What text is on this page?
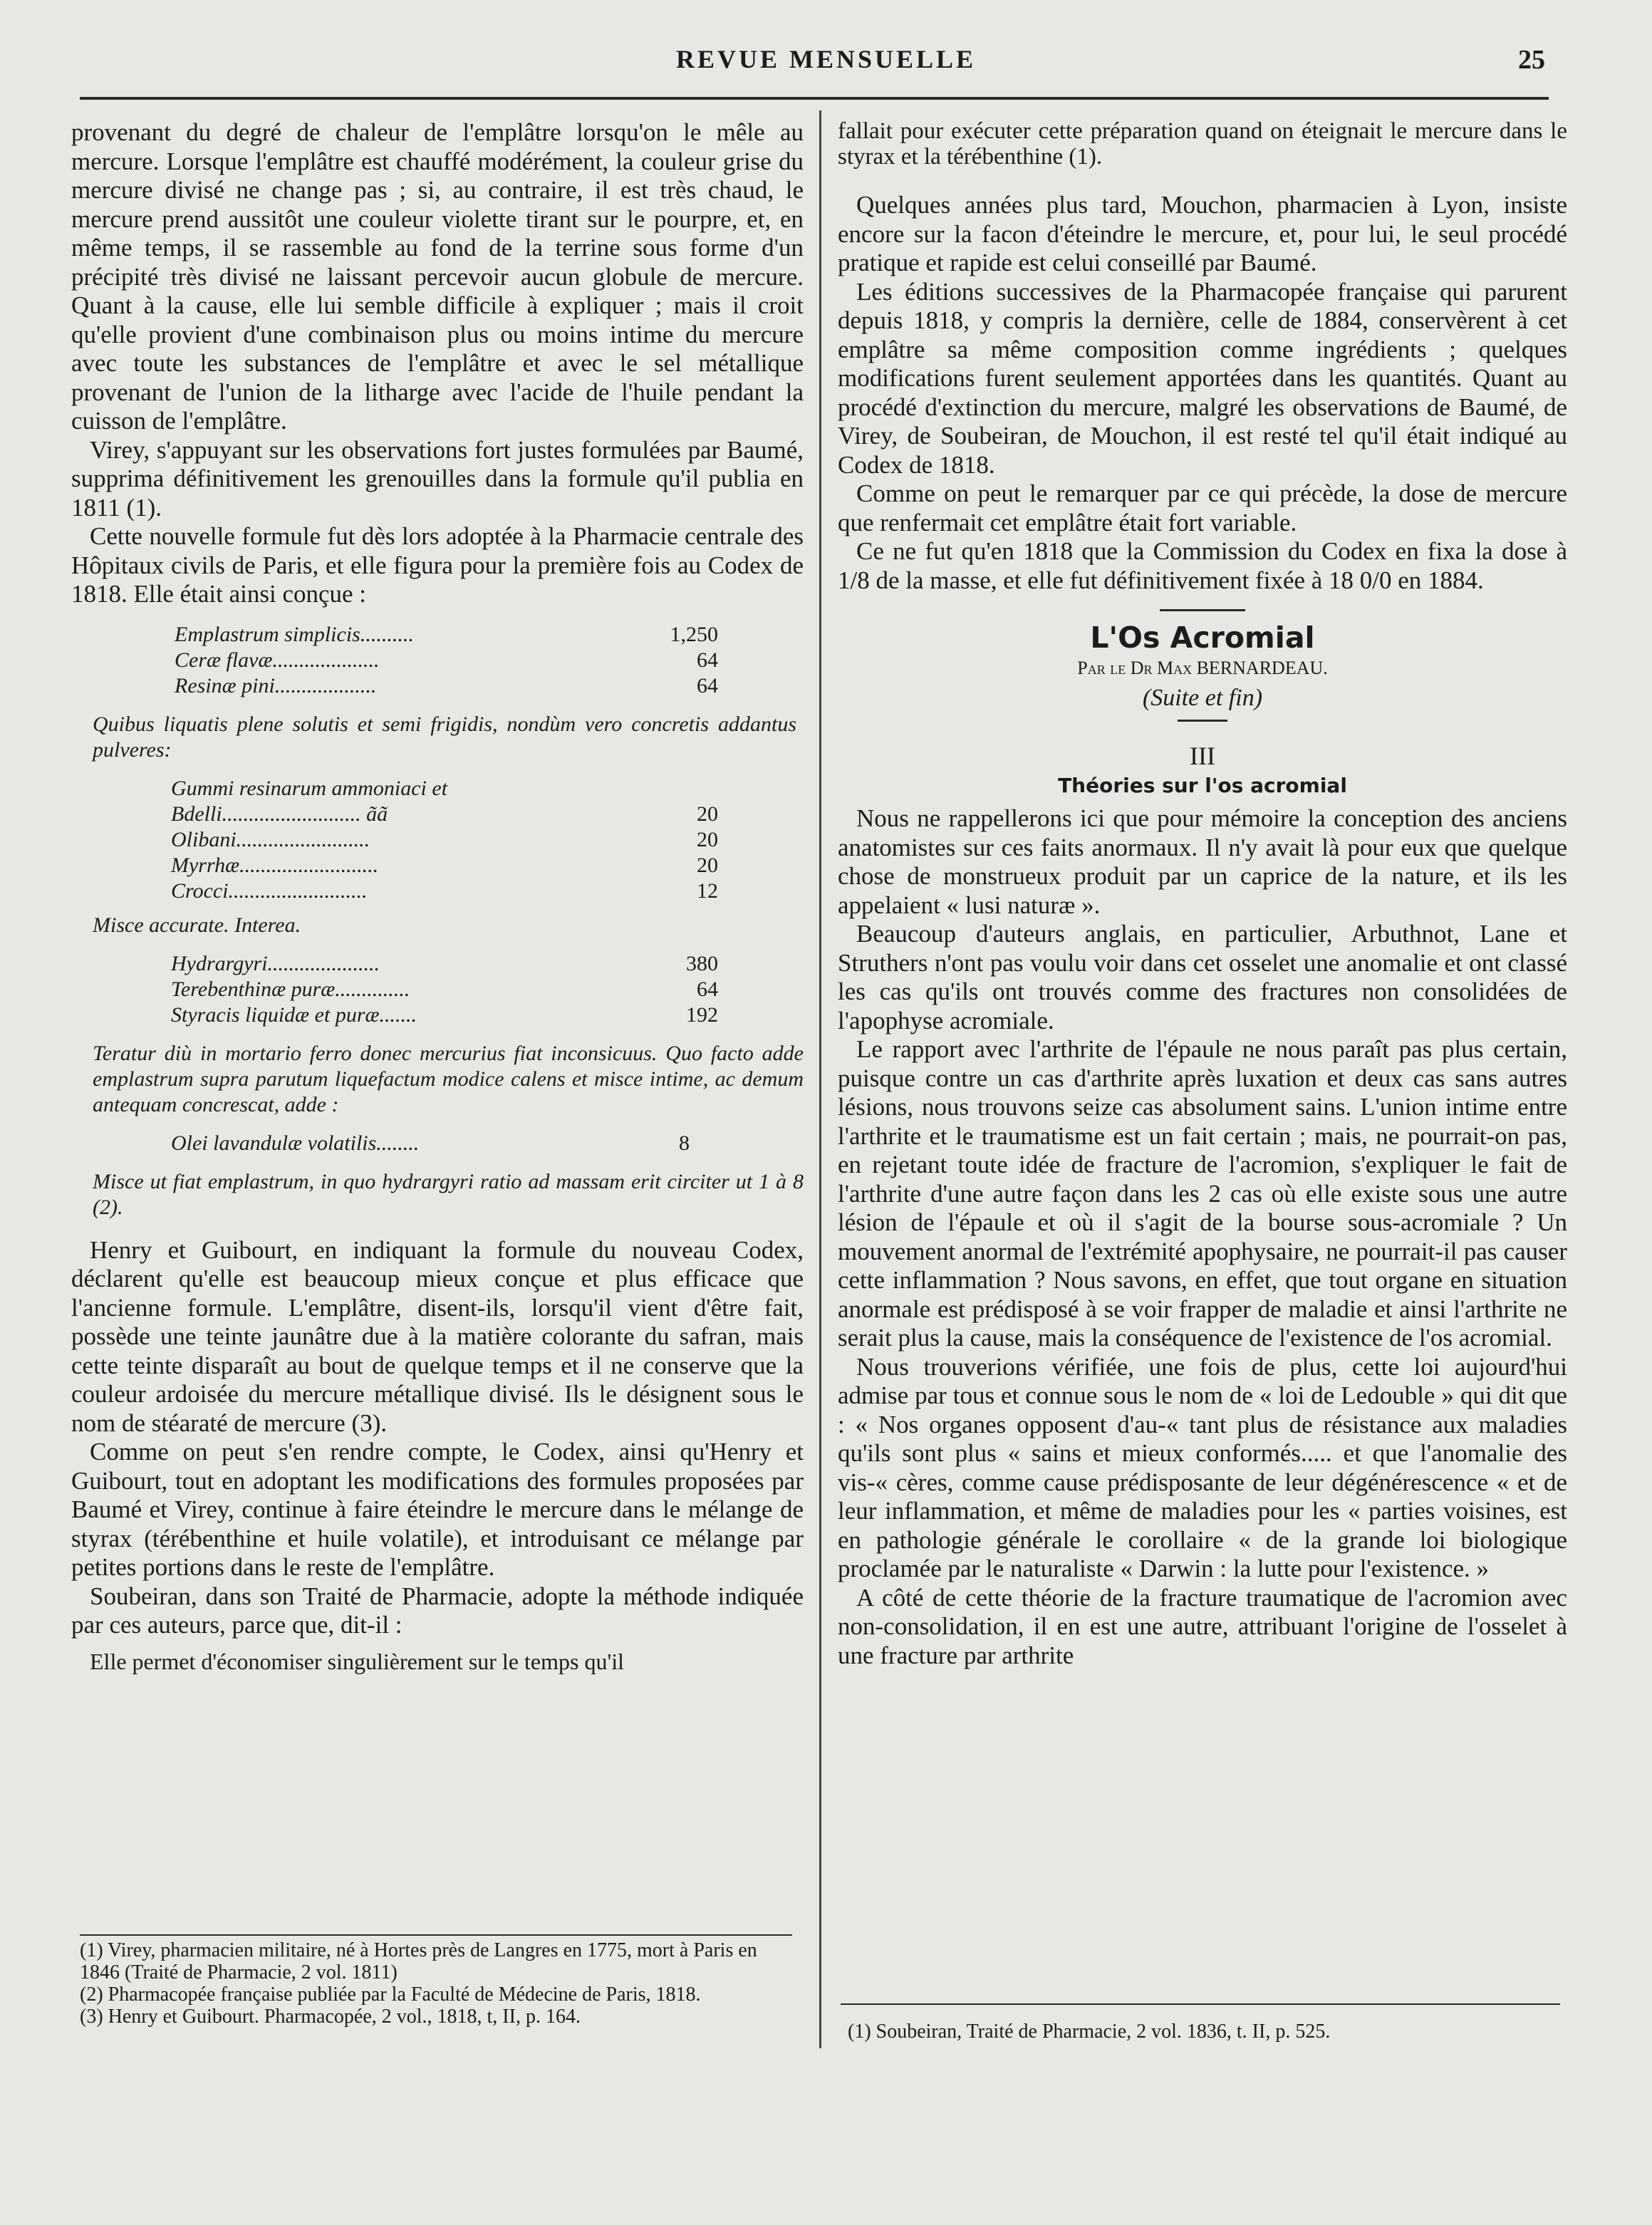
REVUE MENSUELLE	25

provenant du degré de chaleur de l'emplâtre lorsqu'on le mêle au mercure. Lorsque l'emplâtre est chauffé modérément, la couleur grise du mercure divisé ne change pas ; si, au contraire, il est très chaud, le mercure prend aussitôt une couleur violette tirant sur le pourpre, et, en même temps, il se rassemble au fond de la terrine sous forme d'un précipité très divisé ne laissant percevoir aucun globule de mercure. Quant à la cause, elle lui semble difficile à expliquer ; mais il croit qu'elle provient d'une combinaison plus ou moins intime du mercure avec toute les substances de l'emplâtre et avec le sel métallique provenant de l'union de la litharge avec l'acide de l'huile pendant la cuisson de l'emplâtre.

Virey, s'appuyant sur les observations fort justes formulées par Baumé, supprima définitivement les grenouilles dans la formule qu'il publia en 1811 (1).

Cette nouvelle formule fut dès lors adoptée à la Pharmacie centrale des Hôpitaux civils de Paris, et elle figura pour la première fois au Codex de 1818. Elle était ainsi conçue :

Emplastrum simplicis..........	1,250
Ceræ flavæ....................	64
Resinæ pini...................	64

Quibus liquatis plene solutis et semi frigidis, nondùm vero concretis addantus pulveres:

Gummi resinarum ammoniaci et
Bdelli.......................... ãã	20
Olibani.........................	20
Myrrhæ..........................	20
Crocci..........................	12

Misce accurate. Interea.

Hydrargyri.....................	380
Terebenthinæ puræ..............	64
Styracis liquidæ et puræ.......	192

Teratur diù in mortario ferro donec mercurius fiat inconsicuus. Quo facto adde emplastrum supra parutum liquefactum modice calens et misce intime, ac demum antequam concrescat, adde :

Olei lavandulæ volatilis........	8

Misce ut fiat emplastrum, in quo hydrargyri ratio ad massam erit circiter ut 1 à 8 (2).

Henry et Guibourt, en indiquant la formule du nouveau Codex, déclarent qu'elle est beaucoup mieux conçue et plus efficace que l'ancienne formule. L'emplâtre, disent-ils, lorsqu'il vient d'être fait, possède une teinte jaunâtre due à la matière colorante du safran, mais cette teinte disparaît au bout de quelque temps et il ne conserve que la couleur ardoisée du mercure métallique divisé. Ils le désignent sous le nom de stéaraté de mercure (3).

Comme on peut s'en rendre compte, le Codex, ainsi qu'Henry et Guibourt, tout en adoptant les modifications des formules proposées par Baumé et Virey, continue à faire éteindre le mercure dans le mélange de styrax (térébenthine et huile volatile), et introduisant ce mélange par petites portions dans le reste de l'emplâtre.

Soubeiran, dans son Traité de Pharmacie, adopte la méthode indiquée par ces auteurs, parce que, dit-il :

Elle permet d'économiser singulièrement sur le temps qu'il

(1) Virey, pharmacien militaire, né à Hortes près de Langres en 1775, mort à Paris en 1846 (Traité de Pharmacie, 2 vol. 1811)

(2) Pharmacopée française publiée par la Faculté de Médecine de Paris, 1818.

(3) Henry et Guibourt. Pharmacopée, 2 vol., 1818, t, II, p. 164.

fallait pour exécuter cette préparation quand on éteignait le mercure dans le styrax et la térébenthine (1).

Quelques années plus tard, Mouchon, pharmacien à Lyon, insiste encore sur la facon d'éteindre le mercure, et, pour lui, le seul procédé pratique et rapide est celui conseillé par Baumé.

Les éditions successives de la Pharmacopée française qui parurent depuis 1818, y compris la dernière, celle de 1884, conservèrent à cet emplâtre sa même composition comme ingrédients ; quelques modifications furent seulement apportées dans les quantités. Quant au procédé d'extinction du mercure, malgré les observations de Baumé, de Virey, de Soubeiran, de Mouchon, il est resté tel qu'il était indiqué au Codex de 1818.

Comme on peut le remarquer par ce qui précède, la dose de mercure que renfermait cet emplâtre était fort variable.

Ce ne fut qu'en 1818 que la Commission du Codex en fixa la dose à 1/8 de la masse, et elle fut définitivement fixée à 18 0/0 en 1884.

L'Os Acromial
Par le Dr Max BERNARDEAU.
(Suite et fin)
III
Théories sur l'os acromial

Nous ne rappellerons ici que pour mémoire la conception des anciens anatomistes sur ces faits anormaux. Il n'y avait là pour eux que quelque chose de monstrueux produit par un caprice de la nature, et ils les appelaient « lusi naturæ ».

Beaucoup d'auteurs anglais, en particulier, Arbuthnot, Lane et Struthers n'ont pas voulu voir dans cet osselet une anomalie et ont classé les cas qu'ils ont trouvés comme des fractures non consolidées de l'apophyse acromiale.

Le rapport avec l'arthrite de l'épaule ne nous paraît pas plus certain, puisque contre un cas d'arthrite après luxation et deux cas sans autres lésions, nous trouvons seize cas absolument sains. L'union intime entre l'arthrite et le traumatisme est un fait certain ; mais, ne pourrait-on pas, en rejetant toute idée de fracture de l'acromion, s'expliquer le fait de l'arthrite d'une autre façon dans les 2 cas où elle existe sous une autre lésion de l'épaule et où il s'agit de la bourse sous-acromiale ? Un mouvement anormal de l'extrémité apophysaire, ne pourrait-il pas causer cette inflammation ? Nous savons, en effet, que tout organe en situation anormale est prédisposé à se voir frapper de maladie et ainsi l'arthrite ne serait plus la cause, mais la conséquence de l'existence de l'os acromial.

Nous trouverions vérifiée, une fois de plus, cette loi aujourd'hui admise par tous et connue sous le nom de « loi de Ledouble » qui dit que : « Nos organes opposent d'au-« tant plus de résistance aux maladies qu'ils sont plus « sains et mieux conformés..... et que l'anomalie des vis-« cères, comme cause prédisposante de leur dégénérescence « et de leur inflammation, et même de maladies pour les « parties voisines, est en pathologie générale le corollaire « de la grande loi biologique proclamée par le naturaliste « Darwin : la lutte pour l'existence. »

A côté de cette théorie de la fracture traumatique de l'acromion avec non-consolidation, il en est une autre, attribuant l'origine de l'osselet à une fracture par arthrite

(1) Soubeiran, Traité de Pharmacie, 2 vol. 1836, t. II, p. 525.
